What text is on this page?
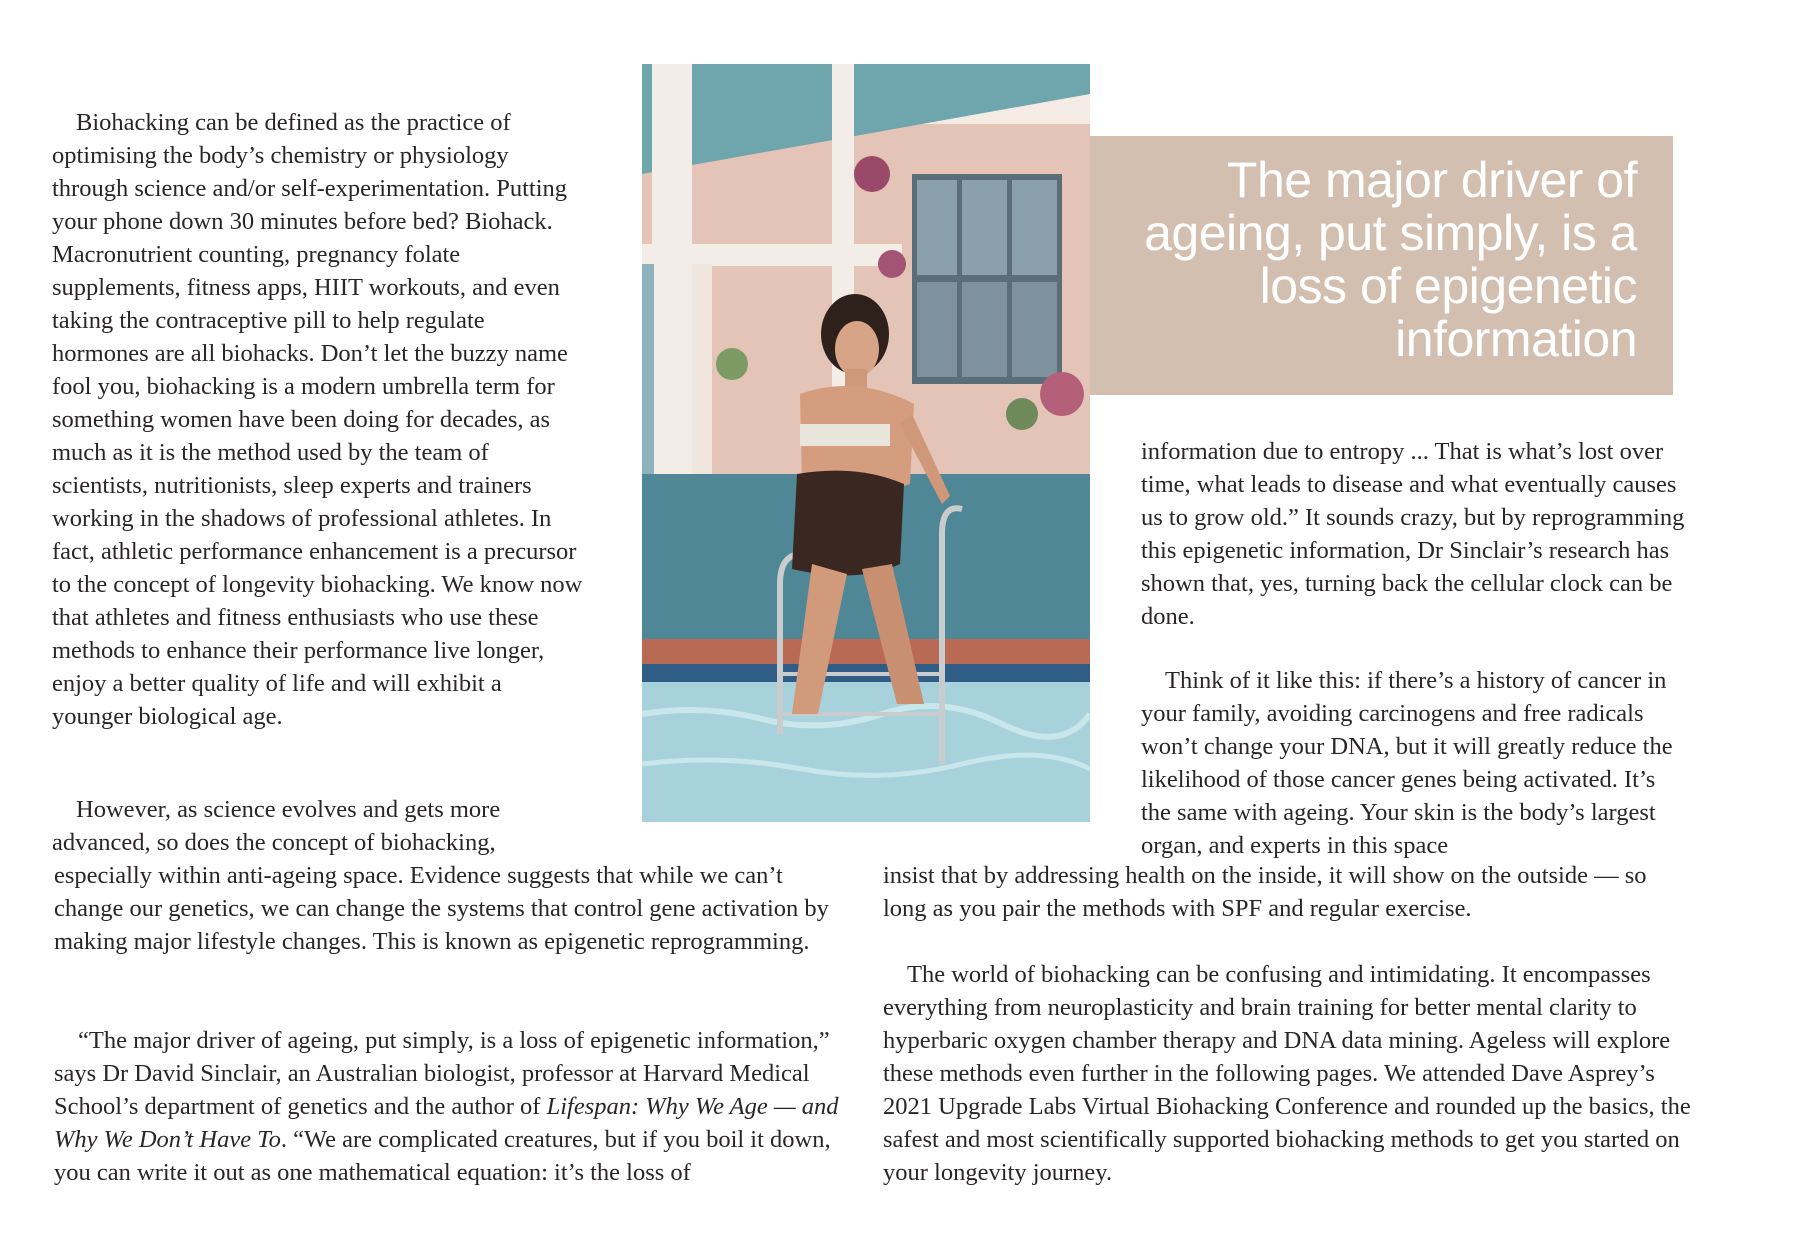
Biohacking can be defined as the practice of optimising the body’s chemistry or physiology through science and/or self-experimentation. Putting your phone down 30 minutes before bed? Biohack. Macronutrient counting, pregnancy folate supplements, fitness apps, HIIT workouts, and even taking the contraceptive pill to help regulate hormones are all biohacks. Don’t let the buzzy name fool you, biohacking is a modern umbrella term for something women have been doing for decades, as much as it is the method used by the team of scientists, nutritionists, sleep experts and trainers working in the shadows of professional athletes. In fact, athletic performance enhancement is a precursor to the concept of longevity biohacking. We know now that athletes and fitness enthusiasts who use these methods to enhance their performance live longer, enjoy a better quality of life and will exhibit a younger biological age.

However, as science evolves and gets more advanced, so does the concept of biohacking,

especially within anti-ageing space. Evidence suggests that while we can’t change our genetics, we can change the systems that control gene activation by making major lifestyle changes. This is known as epigenetic reprogramming.

“The major driver of ageing, put simply, is a loss of epigenetic information,” says Dr David Sinclair, an Australian biologist, professor at Harvard Medical School’s department of genetics and the author of Lifespan: Why We Age — and Why We Don’t Have To. “We are complicated creatures, but if you boil it down, you can write it out as one mathematical equation: it’s the loss of

The major driver of ageing, put simply, is a loss of epigenetic information

information due to entropy ... That is what’s lost over time, what leads to disease and what eventually causes us to grow old.” It sounds crazy, but by reprogramming this epigenetic information, Dr Sinclair’s research has shown that, yes, turning back the cellular clock can be done.

Think of it like this: if there’s a history of cancer in your family, avoiding carcinogens and free radicals won’t change your DNA, but it will greatly reduce the likelihood of those cancer genes being activated. It’s the same with ageing. Your skin is the body’s largest organ, and experts in this space

insist that by addressing health on the inside, it will show on the outside — so long as you pair the methods with SPF and regular exercise.

The world of biohacking can be confusing and intimidating. It encompasses everything from neuroplasticity and brain training for better mental clarity to hyperbaric oxygen chamber therapy and DNA data mining. Ageless will explore these methods even further in the following pages. We attended Dave Asprey’s 2021 Upgrade Labs Virtual Biohacking Conference and rounded up the basics, the safest and most scientifically supported biohacking methods to get you started on your longevity journey.
